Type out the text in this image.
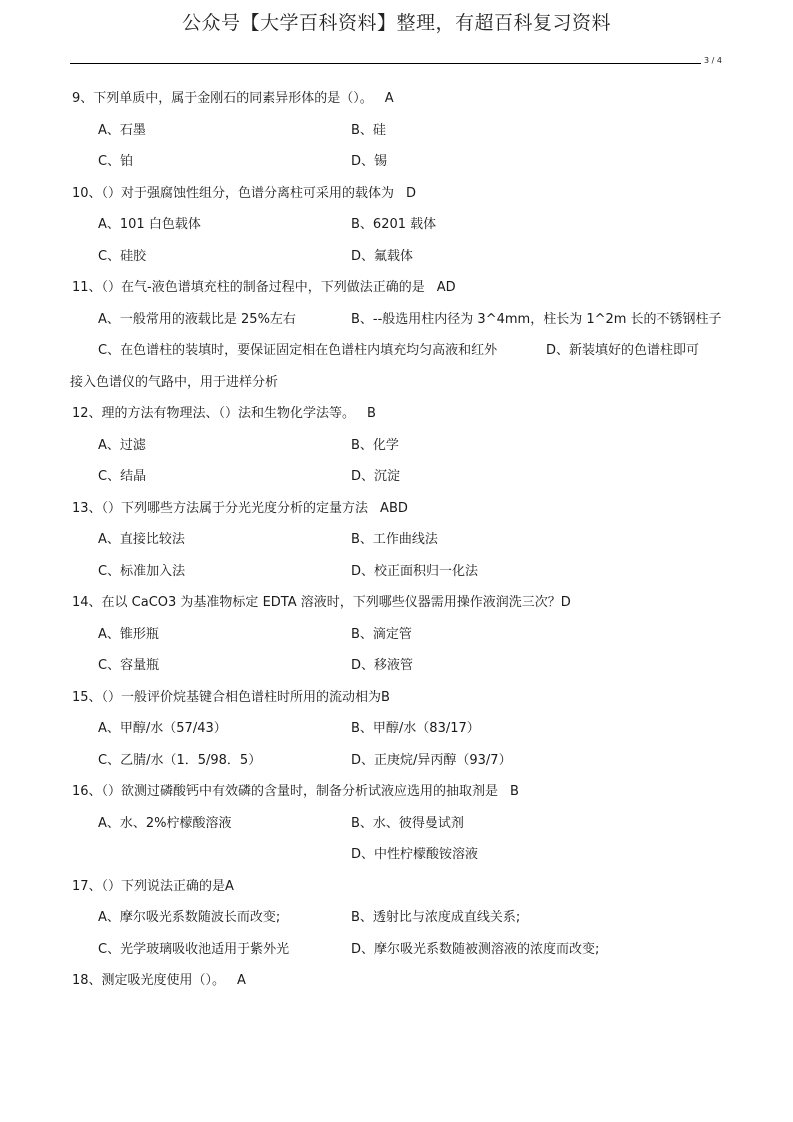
公众号【大学百科资料】整理，有超百科复习资料
3 / 4
9、下列单质中，属于金刚石的同素异形体的是（）。 A
A、石墨	B、硅
C、铂	D、锡
10、（）对于强腐蚀性组分，色谱分离柱可采用的载体为 D
A、101 白色载体	B、6201 载体
C、硅胶	D、氟载体
11、（）在气-液色谱填充柱的制备过程中，下列做法正确的是 AD
A、一般常用的液载比是 25%左右	B、--般选用柱内径为 3^4mm，柱长为 1^2m 长的不锈钢柱子
C、在色谱柱的装填时，要保证固定相在色谱柱内填充均匀高液和红外	D、新装填好的色谱柱即可
接入色谱仪的气路中，用于进样分析
12、理的方法有物理法、（）法和生物化学法等。 B
A、过滤	B、化学
C、结晶	D、沉淀
13、（）下列哪些方法属于分光光度分析的定量方法 ABD
A、直接比较法	B、工作曲线法
C、标准加入法	D、校正面积归一化法
14、在以 CaCO3 为基准物标定 EDTA 溶液时，下列哪些仪器需用操作液润洗三次？D
A、锥形瓶	B、滴定管
C、容量瓶	D、移液管
15、（）一般评价烷基键合相色谱柱时所用的流动相为B
A、甲醇/水（57/43）	B、甲醇/水（83/17）
C、乙腈/水（1．5/98．5）	D、正庚烷/异丙醇（93/7）
16、（）欲测过磷酸钙中有效磷的含量时，制备分析试液应选用的抽取剂是 B
A、水、2%柠檬酸溶液	B、水、彼得曼试剂
D、中性柠檬酸铵溶液
17、（）下列说法正确的是A
A、摩尔吸光系数随波长而改变;	B、透射比与浓度成直线关系;
C、光学玻璃吸收池适用于紫外光	D、摩尔吸光系数随被测溶液的浓度而改变;
18、测定吸光度使用（）。 A
